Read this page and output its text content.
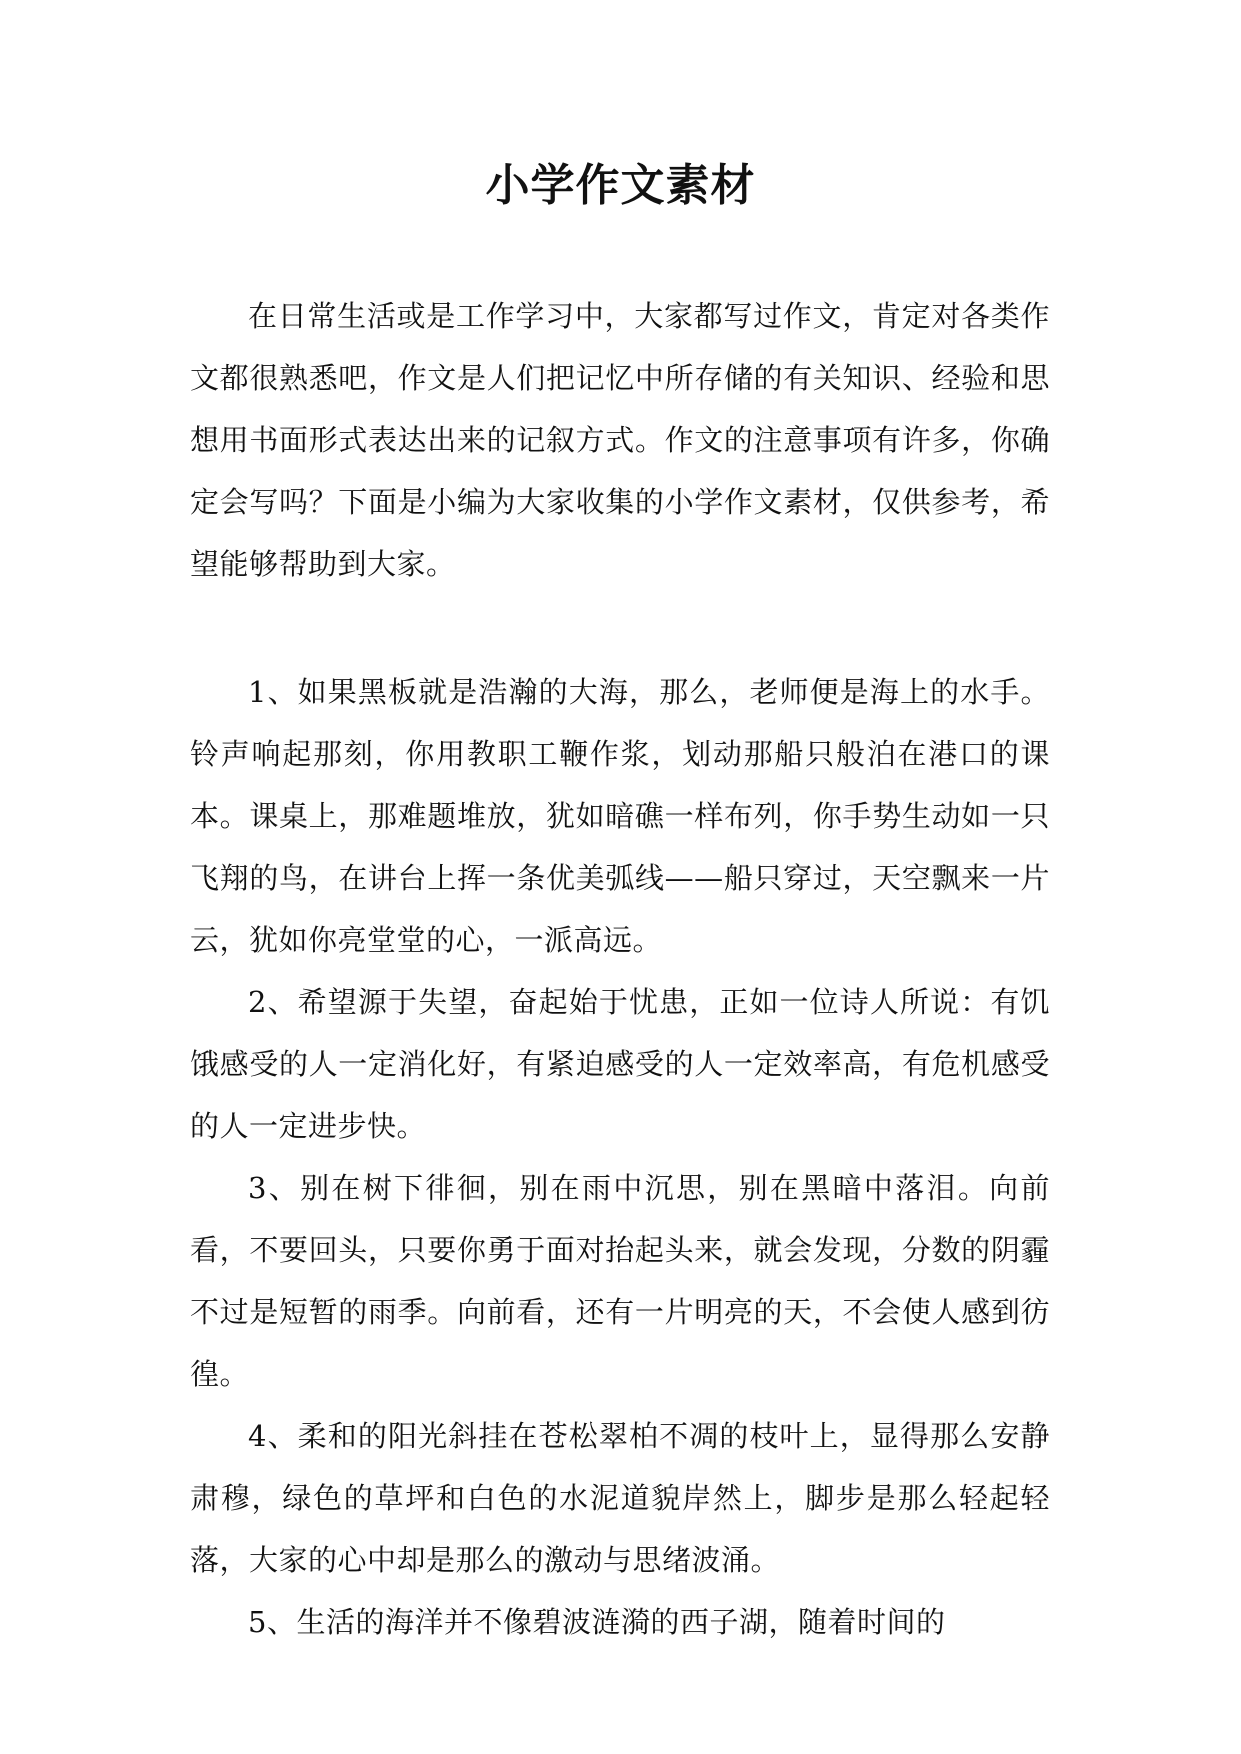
小学作文素材

在日常生活或是工作学习中，大家都写过作文，肯定对各类作文都很熟悉吧，作文是人们把记忆中所存储的有关知识、经验和思想用书面形式表达出来的记叙方式。作文的注意事项有许多，你确定会写吗？下面是小编为大家收集的小学作文素材，仅供参考，希望能够帮助到大家。

1、如果黑板就是浩瀚的大海，那么，老师便是海上的水手。铃声响起那刻，你用教职工鞭作浆，划动那船只般泊在港口的课本。课桌上，那难题堆放，犹如暗礁一样布列，你手势生动如一只飞翔的鸟，在讲台上挥一条优美弧线——船只穿过，天空飘来一片云，犹如你亮堂堂的心，一派高远。

2、希望源于失望，奋起始于忧患，正如一位诗人所说：有饥饿感受的人一定消化好，有紧迫感受的人一定效率高，有危机感受的人一定进步快。

3、别在树下徘徊，别在雨中沉思，别在黑暗中落泪。向前看，不要回头，只要你勇于面对抬起头来，就会发现，分数的阴霾不过是短暂的雨季。向前看，还有一片明亮的天，不会使人感到彷徨。

4、柔和的阳光斜挂在苍松翠柏不凋的枝叶上，显得那么安静肃穆，绿色的草坪和白色的水泥道貌岸然上，脚步是那么轻起轻落，大家的心中却是那么的激动与思绪波涌。

5、生活的海洋并不像碧波涟漪的西子湖，随着时间的
